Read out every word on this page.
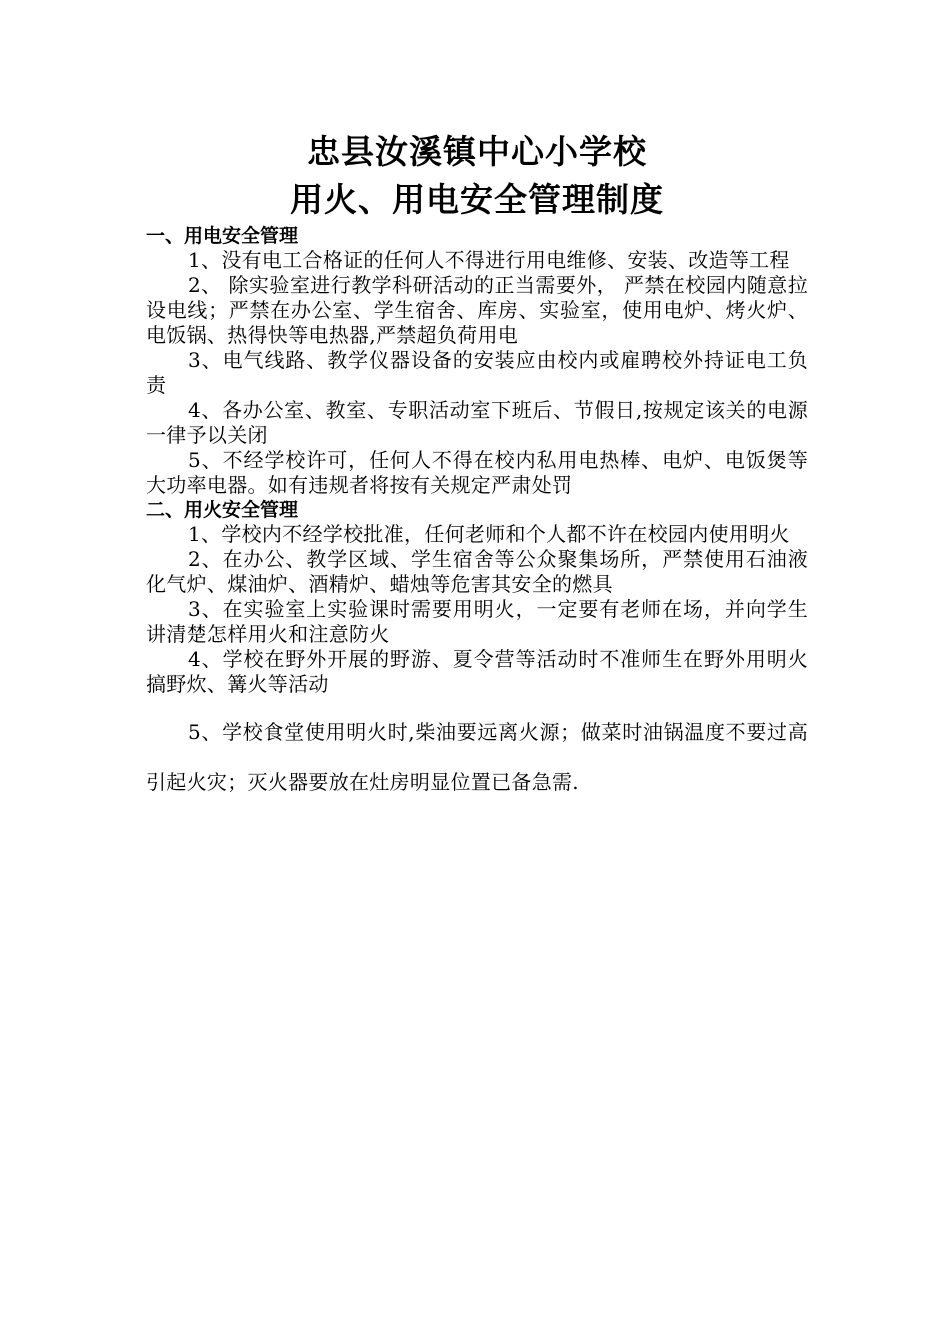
忠县汝溪镇中心小学校
用火、用电安全管理制度

一、用电安全管理

1、没有电工合格证的任何人不得进行用电维修、安装、改造等工程

2、 除实验室进行教学科研活动的正当需要外， 严禁在校园内随意拉设电线；严禁在办公室、学生宿舍、库房、实验室，使用电炉、烤火炉、电饭锅、热得快等电热器,严禁超负荷用电

3、电气线路、教学仪器设备的安装应由校内或雇聘校外持证电工负责

4、各办公室、教室、专职活动室下班后、节假日,按规定该关的电源一律予以关闭

5、不经学校许可，任何人不得在校内私用电热棒、电炉、电饭煲等大功率电器。如有违规者将按有关规定严肃处罚

二、用火安全管理

1、学校内不经学校批准，任何老师和个人都不许在校园内使用明火

2、在办公、教学区域、学生宿舍等公众聚集场所，严禁使用石油液化气炉、煤油炉、酒精炉、蜡烛等危害其安全的燃具

3、在实验室上实验课时需要用明火，一定要有老师在场，并向学生讲清楚怎样用火和注意防火

4、学校在野外开展的野游、夏令营等活动时不准师生在野外用明火搞野炊、篝火等活动

5、学校食堂使用明火时,柴油要远离火源；做菜时油锅温度不要过高引起火灾；灭火器要放在灶房明显位置已备急需.
